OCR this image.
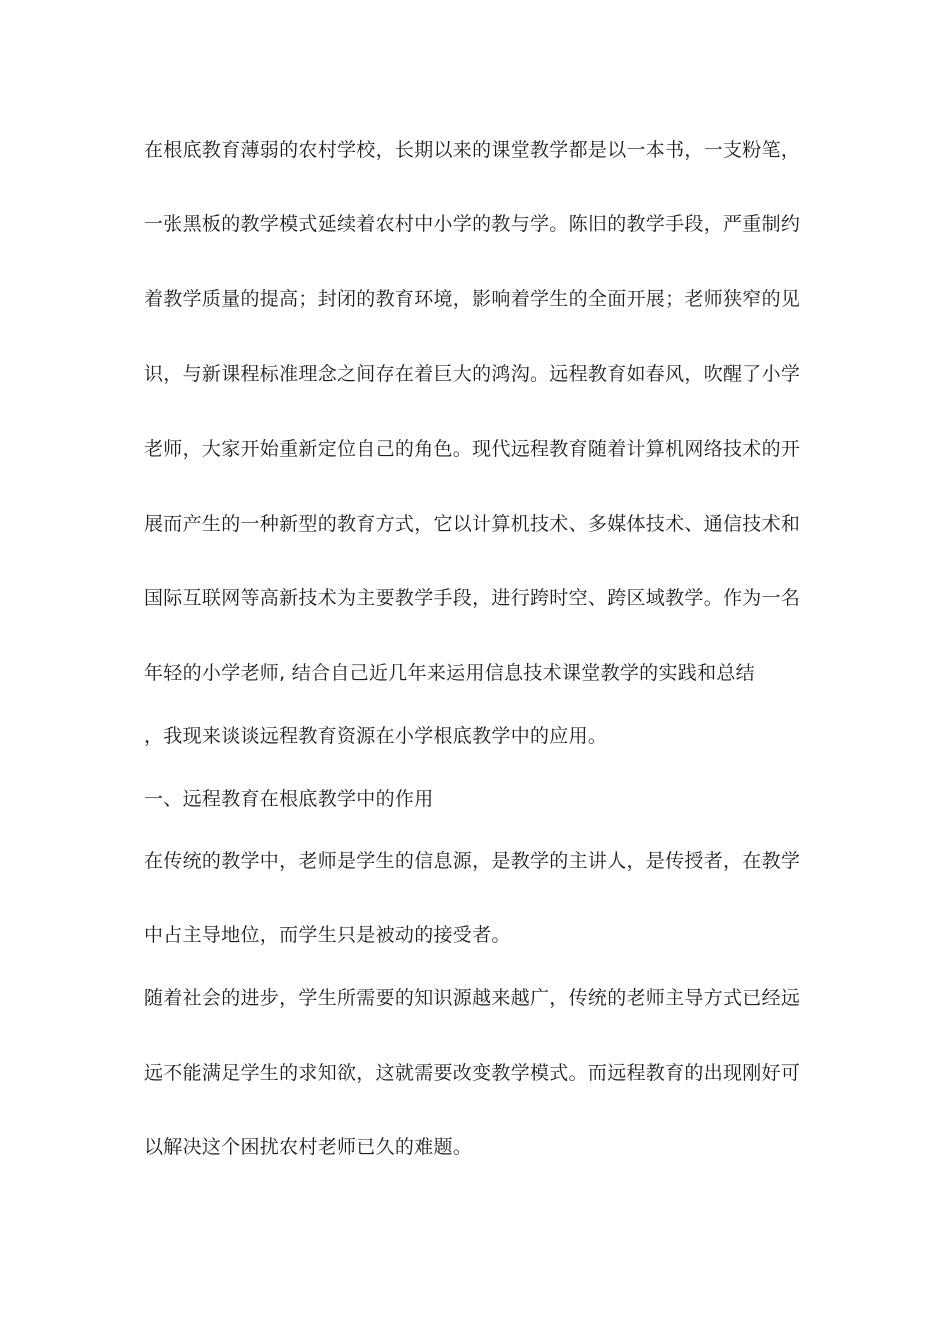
在根底教育薄弱的农村学校，长期以来的课堂教学都是以一本书，一支粉笔，
一张黑板的教学模式延续着农村中小学的教与学。陈旧的教学手段，严重制约
着教学质量的提高；封闭的教育环境，影响着学生的全面开展；老师狭窄的见
识，与新课程标准理念之间存在着巨大的鸿沟。远程教育如春风，吹醒了小学
老师，大家开始重新定位自己的角色。现代远程教育随着计算机网络技术的开
展而产生的一种新型的教育方式，它以计算机技术、多媒体技术、通信技术和
国际互联网等高新技术为主要教学手段，进行跨时空、跨区域教学。作为一名
年轻的小学老师, 结合自己近几年来运用信息技术课堂教学的实践和总结
，我现来谈谈远程教育资源在小学根底教学中的应用。
一、远程教育在根底教学中的作用
在传统的教学中，老师是学生的信息源，是教学的主讲人，是传授者，在教学
中占主导地位，而学生只是被动的接受者。
随着社会的进步，学生所需要的知识源越来越广，传统的老师主导方式已经远
远不能满足学生的求知欲，这就需要改变教学模式。而远程教育的出现刚好可
以解决这个困扰农村老师已久的难题。
